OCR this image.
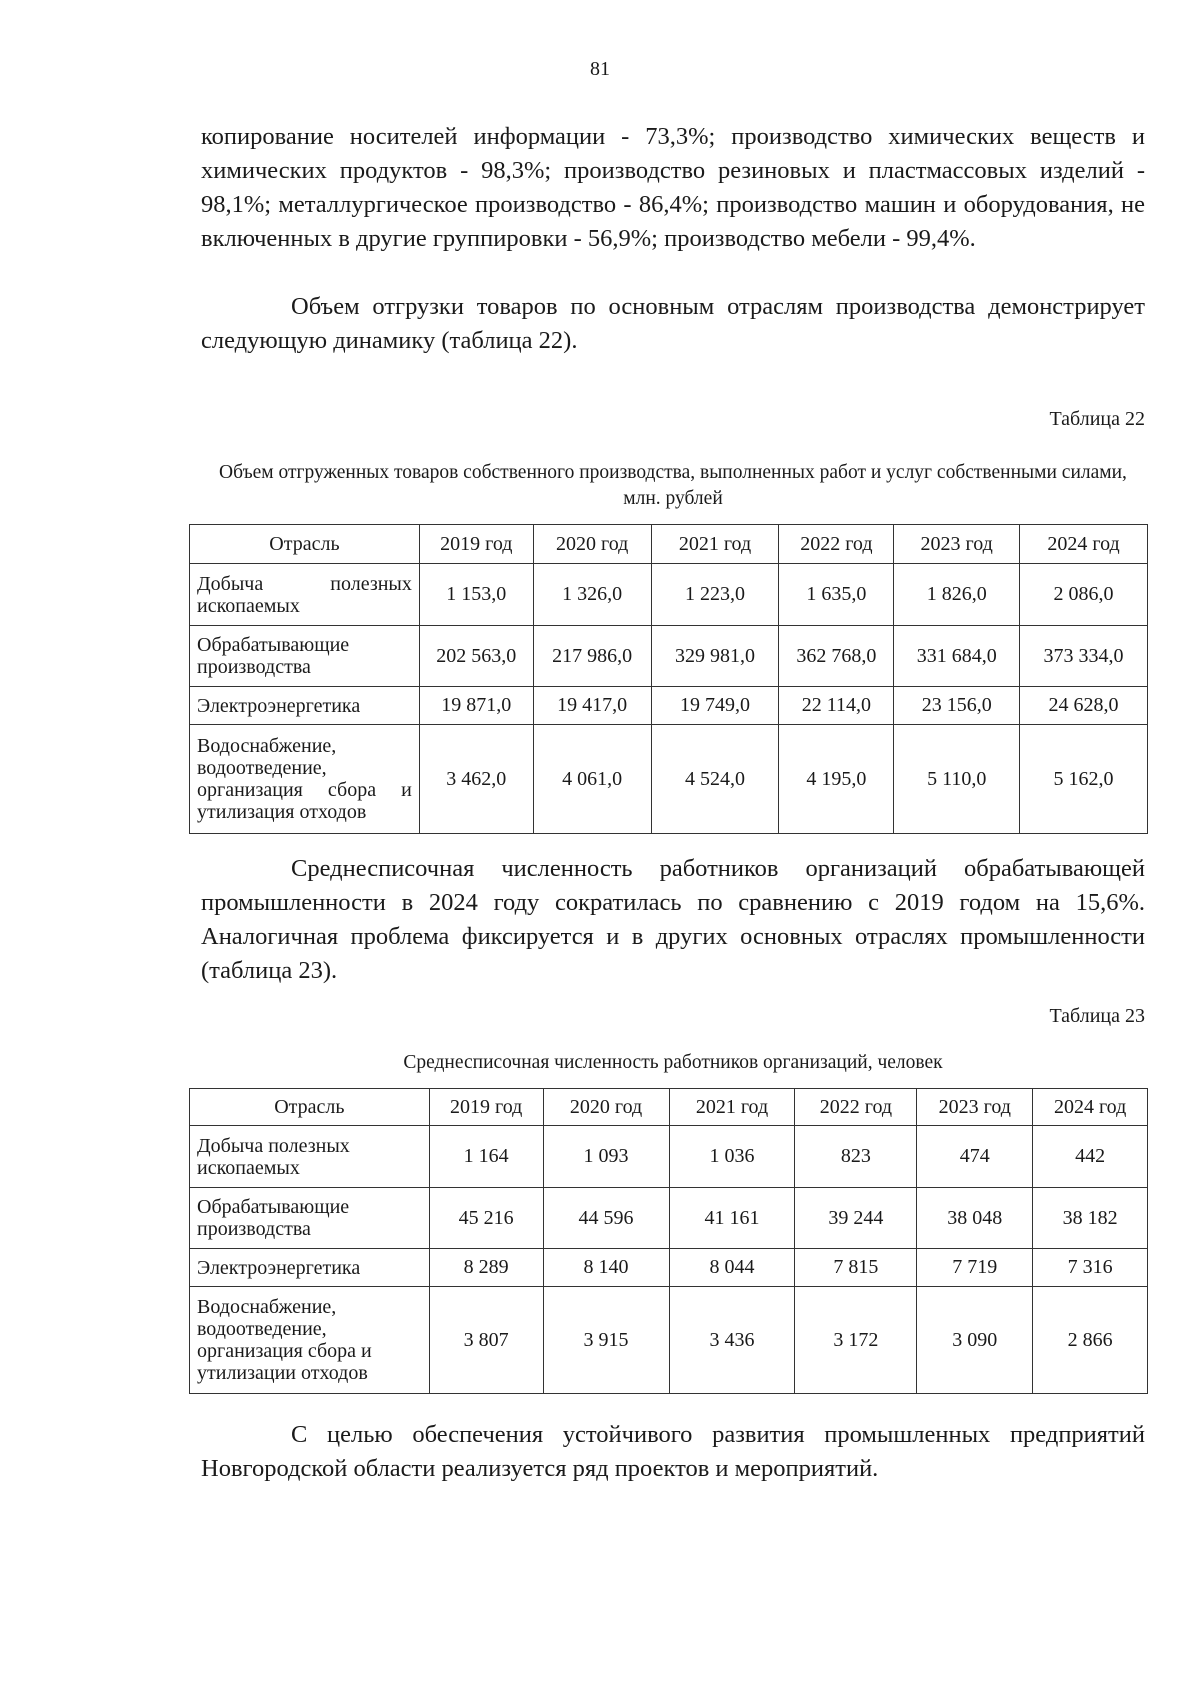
81

копирование носителей информации - 73,3%; производство химических веществ и химических продуктов - 98,3%; производство резиновых и пластмассовых изделий - 98,1%; металлургическое производство - 86,4%; производство машин и оборудования, не включенных в другие группировки - 56,9%; производство мебели - 99,4%.

Объем отгрузки товаров по основным отраслям производства демонстрирует следующую динамику (таблица 22).

Таблица 22
Объем отгруженных товаров собственного производства, выполненных работ и услуг собственными силами, млн. рублей
Отрасль	2019 год	2020 год	2021 год	2022 год	2023 год	2024 год
Добыча полезных ископаемых	1 153,0	1 326,0	1 223,0	1 635,0	1 826,0	2 086,0
Обрабатывающие производства	202 563,0	217 986,0	329 981,0	362 768,0	331 684,0	373 334,0
Электроэнергетика	19 871,0	19 417,0	19 749,0	22 114,0	23 156,0	24 628,0
Водоснабжение, водоотведение, организация сбора и утилизация отходов	3 462,0	4 061,0	4 524,0	4 195,0	5 110,0	5 162,0

Среднесписочная численность работников организаций обрабатывающей промышленности в 2024 году сократилась по сравнению с 2019 годом на 15,6%. Аналогичная проблема фиксируется и в других основных отраслях промышленности (таблица 23).

Таблица 23
Среднесписочная численность работников организаций, человек
Отрасль	2019 год	2020 год	2021 год	2022 год	2023 год	2024 год
Добыча полезных ископаемых	1 164	1 093	1 036	823	474	442
Обрабатывающие производства	45 216	44 596	41 161	39 244	38 048	38 182
Электроэнергетика	8 289	8 140	8 044	7 815	7 719	7 316
Водоснабжение, водоотведение, организация сбора и утилизации отходов	3 807	3 915	3 436	3 172	3 090	2 866

С целью обеспечения устойчивого развития промышленных предприятий Новгородской области реализуется ряд проектов и мероприятий.
